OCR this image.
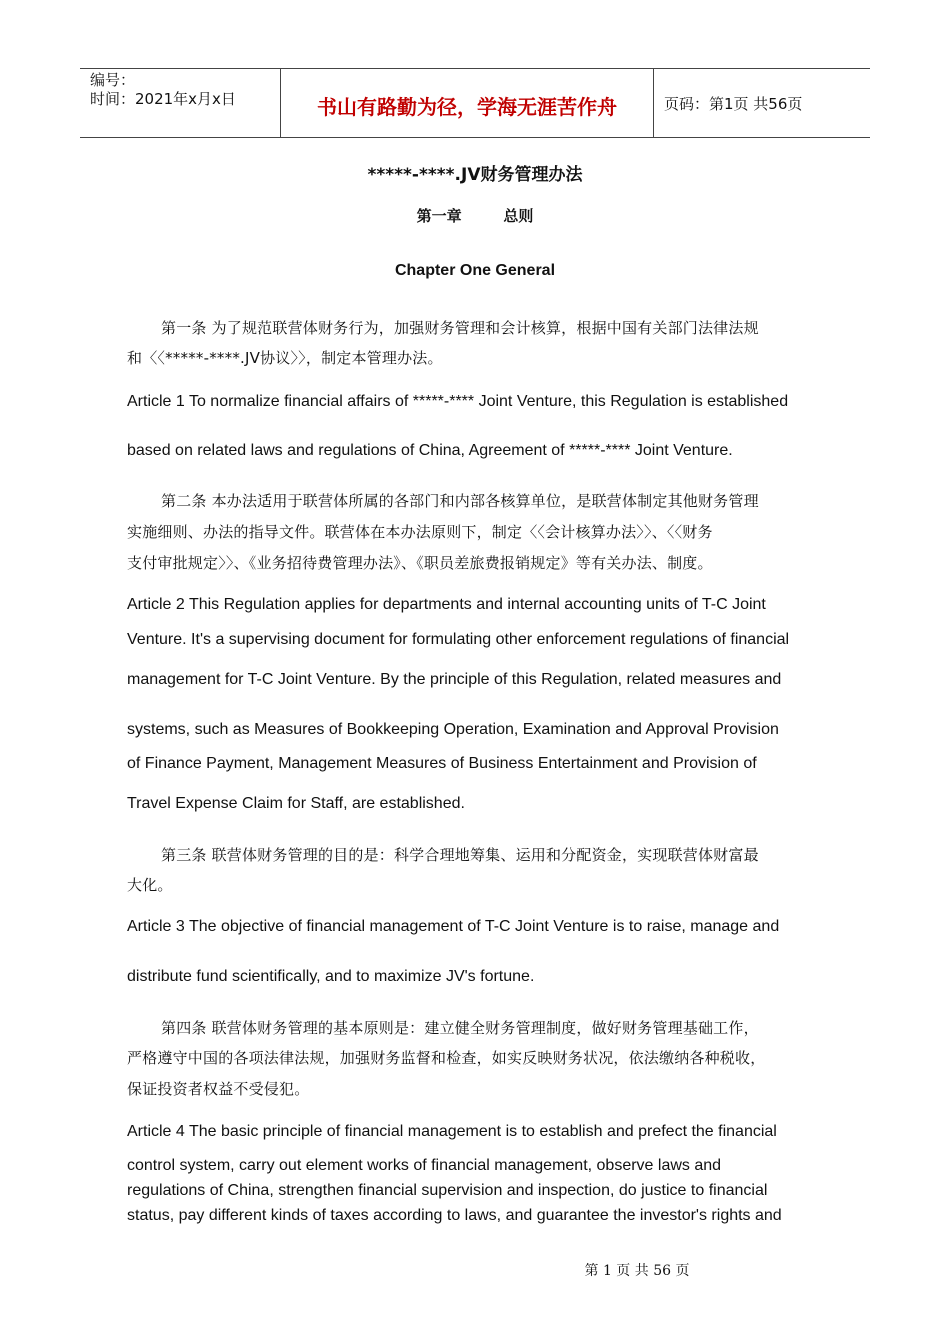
编号：
时间：2021年x月x日	书山有路勤为径，学海无涯苦作舟	页码：第1页 共56页
*****-****.JV财务管理办法
第一章        总则
Chapter One General
第一条 为了规范联营体财务行为，加强财务管理和会计核算，根据中国有关部门法律法规
和〈〈*****-****.JV协议〉〉，制定本管理办法。
Article 1 To normalize financial affairs of *****-**** Joint Venture, this Regulation is established
based on related laws and regulations of China, Agreement of *****-**** Joint Venture.
第二条 本办法适用于联营体所属的各部门和内部各核算单位，是联营体制定其他财务管理
实施细则、办法的指导文件。联营体在本办法原则下，制定〈〈会计核算办法〉〉、〈〈财务
支付审批规定〉〉、《业务招待费管理办法》、《职员差旅费报销规定》等有关办法、制度。
Article 2 This Regulation applies for departments and internal accounting units of T-C Joint
Venture. It's a supervising document for formulating other enforcement regulations of financial
management for T-C Joint Venture. By the principle of this Regulation, related measures and
systems, such as Measures of Bookkeeping Operation, Examination and Approval Provision
of Finance Payment, Management Measures of Business Entertainment and Provision of
Travel Expense Claim for Staff, are established.
第三条 联营体财务管理的目的是：科学合理地筹集、运用和分配资金，实现联营体财富最
大化。
Article 3 The objective of financial management of T-C Joint Venture is to raise, manage and
distribute fund scientifically, and to maximize JV's fortune.
第四条 联营体财务管理的基本原则是：建立健全财务管理制度，做好财务管理基础工作，
严格遵守中国的各项法律法规，加强财务监督和检查，如实反映财务状况，依法缴纳各种税收，
保证投资者权益不受侵犯。
Article 4 The basic principle of financial management is to establish and prefect the financial
control system, carry out element works of financial management, observe laws and
regulations of China, strengthen financial supervision and inspection, do justice to financial
status, pay different kinds of taxes according to laws, and guarantee the investor's rights and
第 1 页 共 56 页
